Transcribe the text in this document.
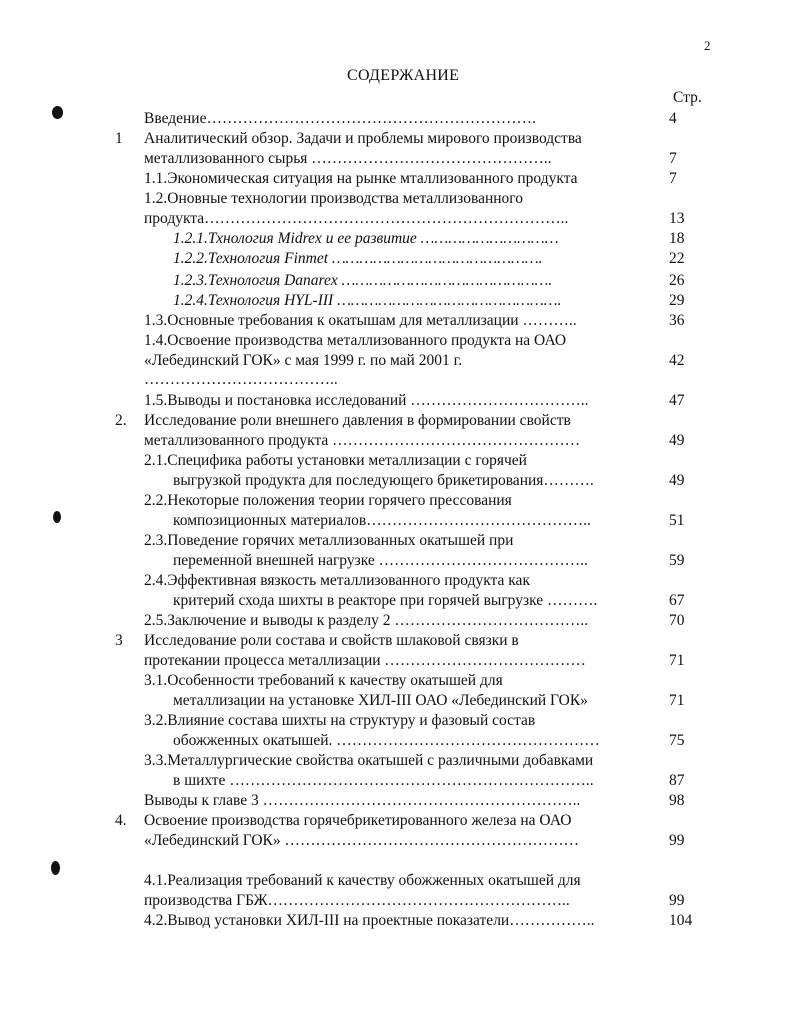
2
СОДЕРЖАНИЕ
Стр.
Введение……………………………………………………….	4
1 Аналитический обзор. Задачи и проблемы мирового производства
металлизованного сырья ………………………………………..	7
1.1.Экономическая ситуация на рынке мталлизованного продукта	7
1.2.Оновные технологии производства металлизованного
продукта……………………………………………………………..	13
1.2.1.Тхнология Midrex и ее развитие …………………………	18
1.2.2.Технология Finmet ……………………………………….	22
1.2.3.Технология Danarex ……………………………………….	26
1.2.4.Технология HYL-III ………………………………………….	29
1.3.Основные требования к окатышам для металлизации ………..	36
1.4.Освоение производства металлизованного продукта на ОАО
«Лебединский ГОК» с мая 1999 г. по май 2001 г.	42
………………………………..
1.5.Выводы и постановка исследований ……………………………..	47
2. Исследование роли внешнего давления в формировании свойств
металлизованного продукта …………………………………………	49
2.1.Специфика работы установки металлизации с горячей
выгрузкой продукта для последующего брикетирования……….	49
2.2.Некоторые положения теории горячего прессования
композиционных материалов……………………………………..	51
2.3.Поведение горячих металлизованных окатышей при
переменной внешней нагрузке …………………………………..	59
2.4.Эффективная вязкость металлизованного продукта как
критерий схода шихты в реакторе при горячей выгрузке ……….	67
2.5.Заключение и выводы к разделу 2 ………………………………..	70
3 Исследование роли состава и свойств шлаковой связки в
протекании процесса металлизации …………………………………	71
3.1.Особенности требований к качеству окатышей для
металлизации на установке ХИЛ-III ОАО «Лебединский ГОК»	71
3.2.Влияние состава шихты на структуру и фазовый состав
обожженных окатышей. ……………………………………………	75
3.3.Металлургические свойства окатышей с различными добавками
в шихте ……………………………………………………………..	87
Выводы к главе 3 ……………………………………………………..	98
4. Освоение производства горячебрикетированного железа на ОАО
«Лебединский ГОК» …………………………………………………	99
4.1.Реализация требований к качеству обожженных окатышей для
производства ГБЖ…………………………………………………..	99
4.2.Вывод установки ХИЛ-III на проектные показатели……………..	104
